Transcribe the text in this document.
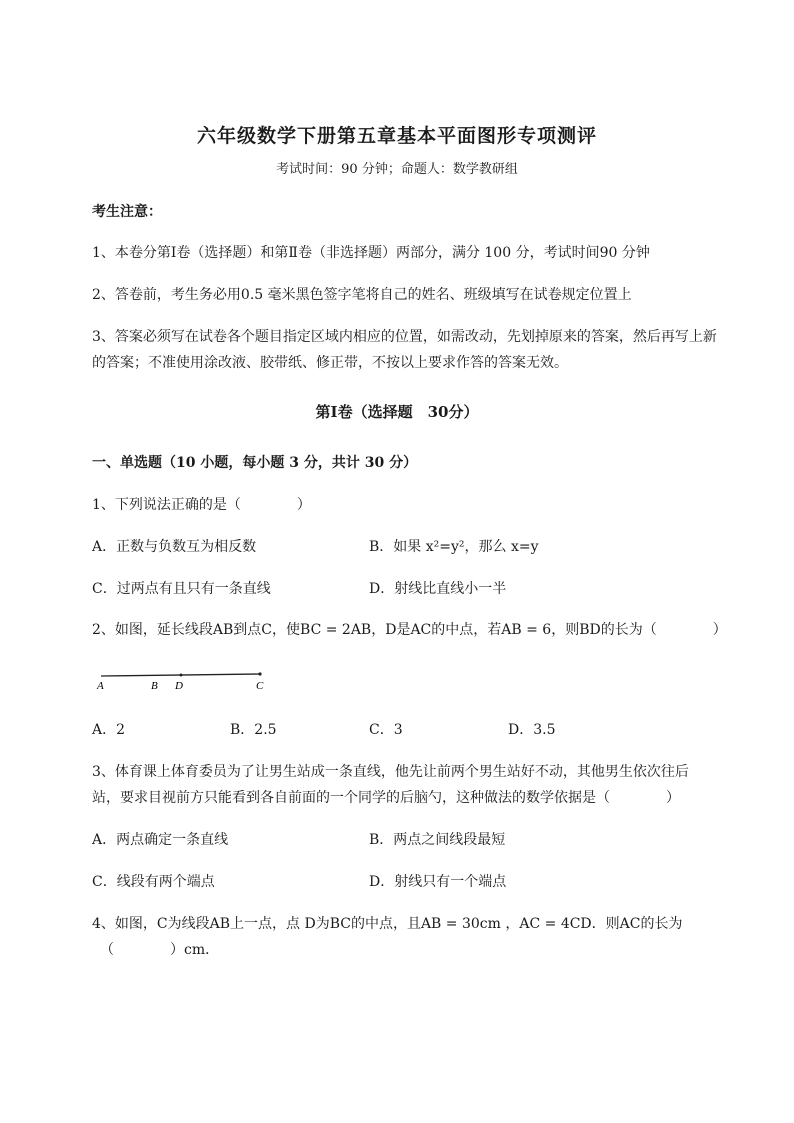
六年级数学下册第五章基本平面图形专项测评
考试时间：90 分钟；命题人：数学教研组
考生注意：
1、本卷分第Ⅰ卷（选择题）和第Ⅱ卷（非选择题）两部分，满分 100 分，考试时间90 分钟
2、答卷前，考生务必用0.5 毫米黑色签字笔将自己的姓名、班级填写在试卷规定位置上
3、答案必须写在试卷各个题目指定区域内相应的位置，如需改动，先划掉原来的答案，然后再写上新
的答案；不准使用涂改液、胶带纸、修正带，不按以上要求作答的答案无效。
第Ⅰ卷（选择题　30分）
一、单选题（10 小题，每小题 3 分，共计 30 分）
1、下列说法正确的是（　　　　）
A．正数与负数互为相反数	B．如果 x²=y²，那么 x=y
C．过两点有且只有一条直线	D．射线比直线小一半
2、如图，延长线段AB到点C，使BC = 2AB，D是AC的中点，若AB = 6，则BD的长为（　　　　）
A	B D	C
A．2	B．2.5	C．3	D．3.5
3、体育课上体育委员为了让男生站成一条直线，他先让前两个男生站好不动，其他男生依次往后
站，要求目视前方只能看到各自前面的一个同学的后脑勺，这种做法的数学依据是（　　　　）
A．两点确定一条直线	B．两点之间线段最短
C．线段有两个端点	D．射线只有一个端点
4、如图，C为线段AB上一点，点 D为BC的中点，且AB = 30cm ，AC = 4CD．则AC的长为
（　　　　）cm．
